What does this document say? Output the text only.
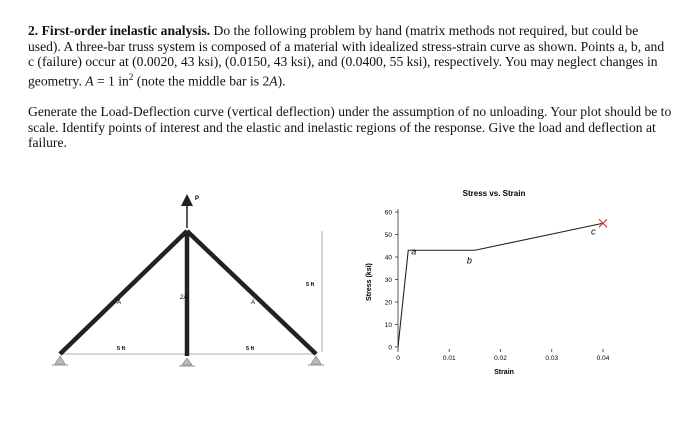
2. First-order inelastic analysis. Do the following problem by hand (matrix methods not required, but could be used). A three-bar truss system is composed of a material with idealized stress-strain curve as shown. Points a, b, and c (failure) occur at (0.0020, 43 ksi), (0.0150, 43 ksi), and (0.0400, 55 ksi), respectively. You may neglect changes in geometry. A = 1 $in^2$ (note the middle bar is 2A).
Generate the Load-Deflection curve (vertical deflection) under the assumption of no unloading. Your plot should be to scale. Identify points of interest and the elastic and inelastic regions of the response. Give the load and deflection at failure.
P
A
2A
A
5 ft
5 ft	5 ft
Stress vs. Strain
Stress (ksi)
Strain
0
10
20
30
40
50
60
0	0.01	0.02	0.03	0.04
a
b
c
